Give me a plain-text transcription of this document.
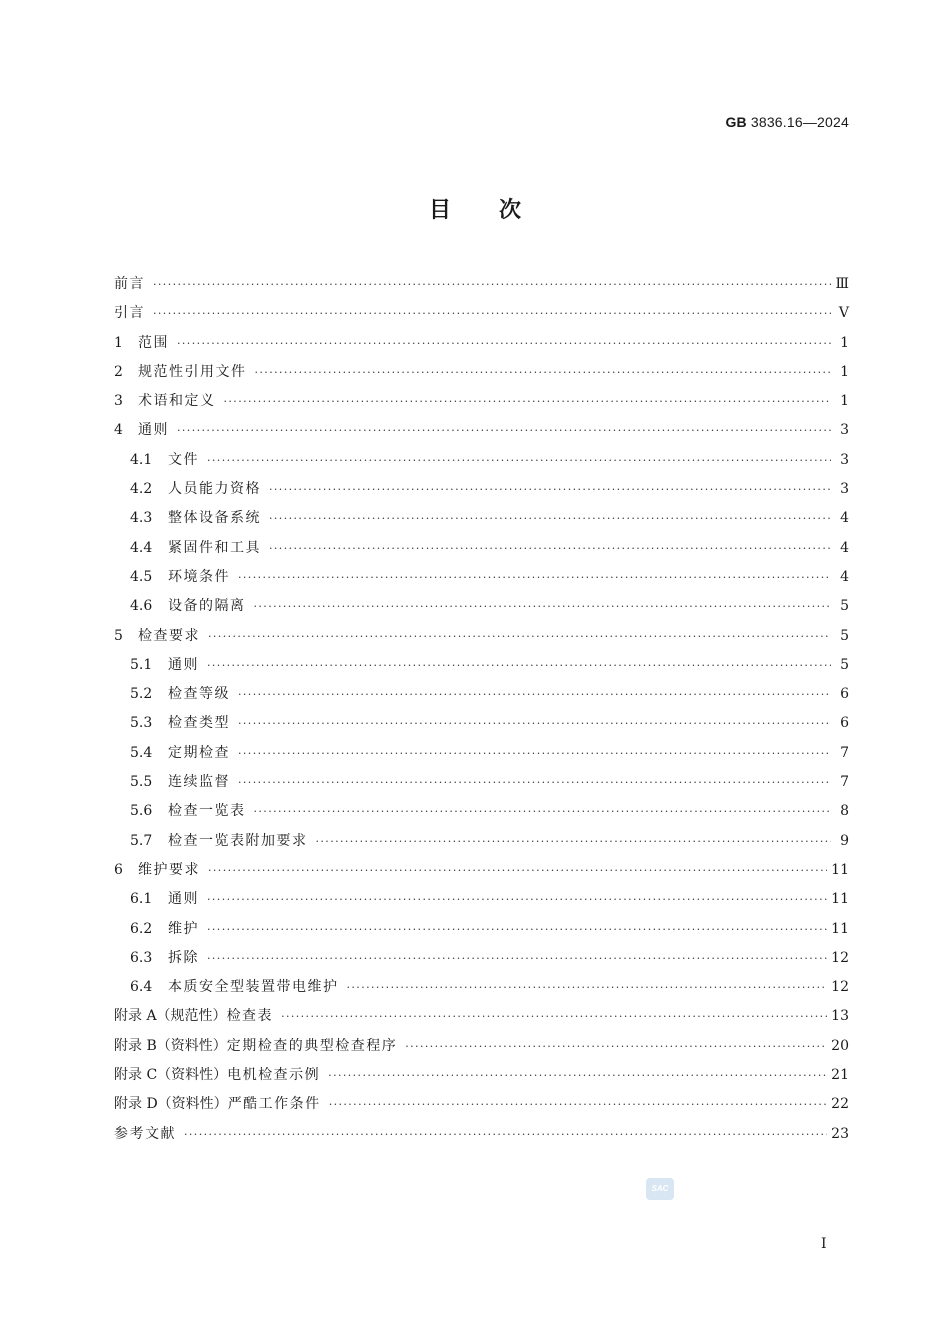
GB 3836.16—2024
目 次
前言 ·····	Ⅲ
引言 ·····	Ⅴ
1 范围 ·····	1
2 规范性引用文件 ·····	1
3 术语和定义 ·····	1
4 通则 ·····	3
4.1 文件 ·····	3
4.2 人员能力资格 ·····	3
4.3 整体设备系统 ·····	4
4.4 紧固件和工具 ·····	4
4.5 环境条件 ·····	4
4.6 设备的隔离 ·····	5
5 检查要求 ·····	5
5.1 通则 ·····	5
5.2 检查等级 ·····	6
5.3 检查类型 ·····	6
5.4 定期检查 ·····	7
5.5 连续监督 ·····	7
5.6 检查一览表 ·····	8
5.7 检查一览表附加要求 ·····	9
6 维护要求 ·····	11
6.1 通则 ·····	11
6.2 维护 ·····	11
6.3 拆除 ·····	12
6.4 本质安全型装置带电维护 ·····	12
附录 A（规范性） 检查表 ·····	13
附录 B（资料性） 定期检查的典型检查程序 ·····	20
附录 C（资料性） 电机检查示例 ·····	21
附录 D（资料性） 严酷工作条件 ·····	22
参考文献 ·····	23
SAC
Ⅰ
